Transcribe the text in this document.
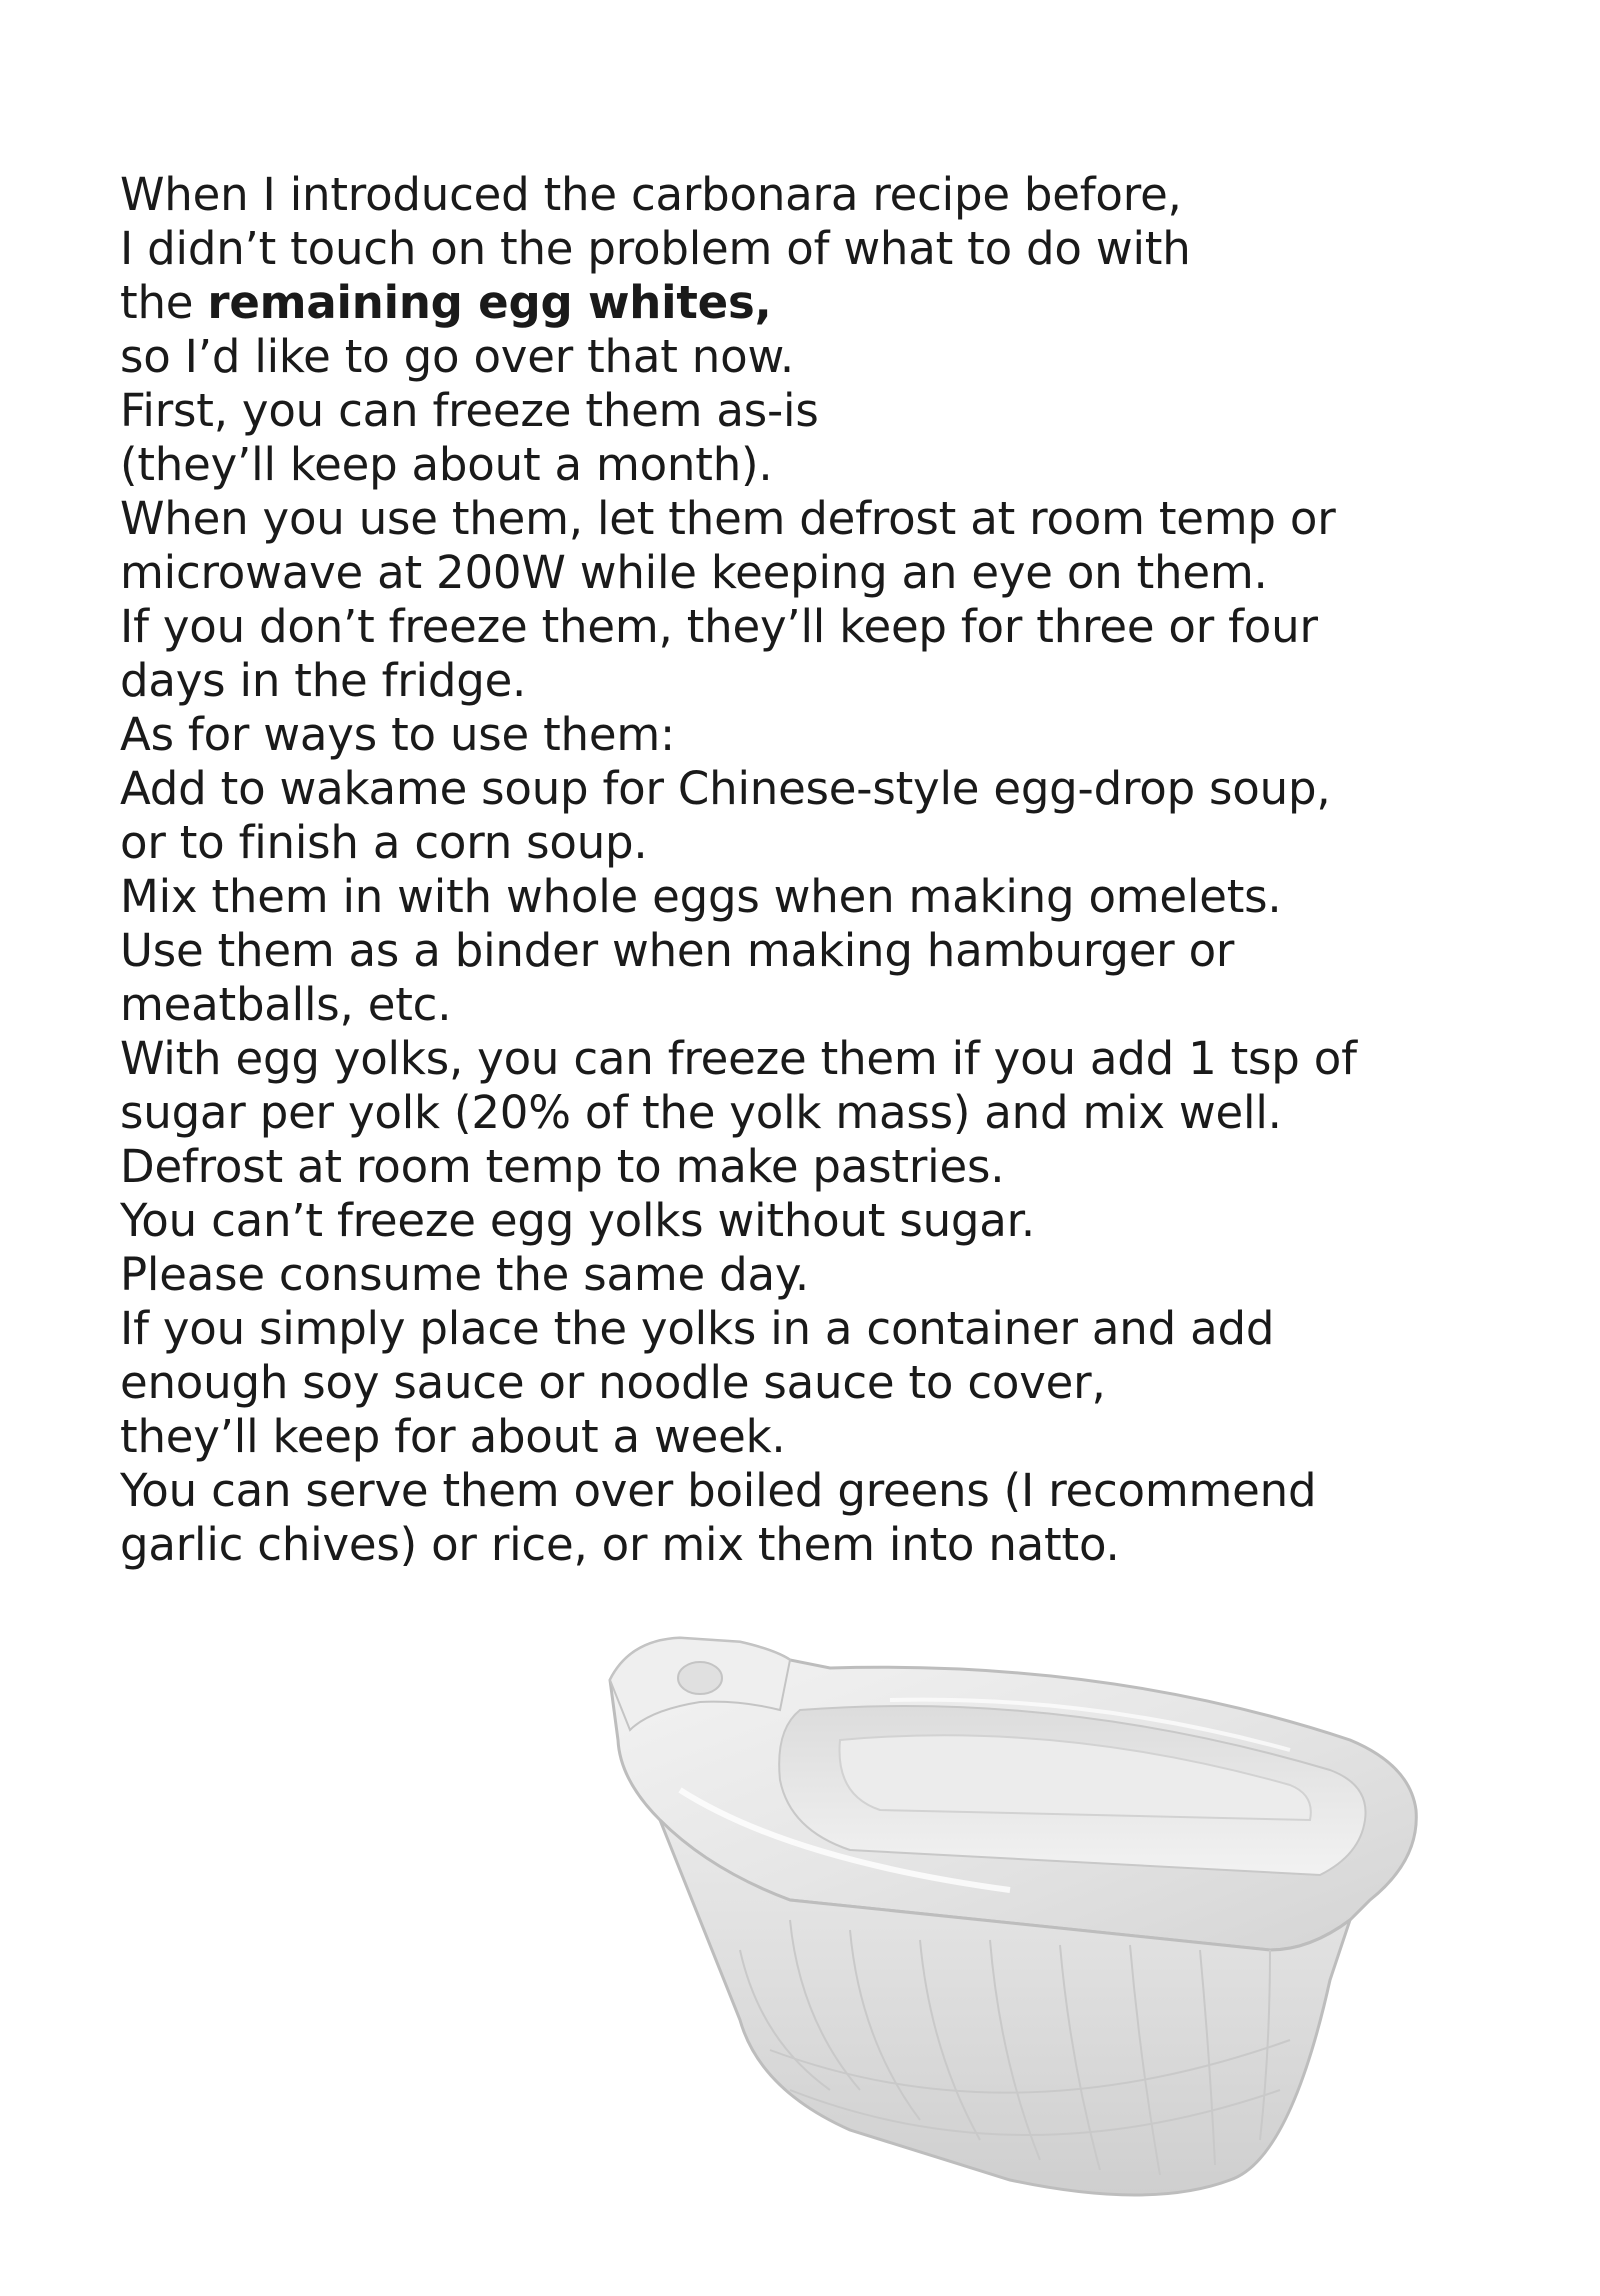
When I introduced the carbonara recipe before,
I didn’t touch on the problem of what to do with
the remaining egg whites,
so I’d like to go over that now.
First, you can freeze them as-is
(they’ll keep about a month).
When you use them, let them defrost at room temp or
microwave at 200W while keeping an eye on them.
If you don’t freeze them, they’ll keep for three or four
days in the fridge.
As for ways to use them:
Add to wakame soup for Chinese-style egg-drop soup,
or to finish a corn soup.
Mix them in with whole eggs when making omelets.
Use them as a binder when making hamburger or
meatballs, etc.
With egg yolks, you can freeze them if you add 1 tsp of
sugar per yolk (20% of the yolk mass) and mix well.
Defrost at room temp to make pastries.
You can’t freeze egg yolks without sugar.
Please consume the same day.
If you simply place the yolks in a container and add
enough soy sauce or noodle sauce to cover,
they’ll keep for about a week.
You can serve them over boiled greens (I recommend
garlic chives) or rice, or mix them into natto.
